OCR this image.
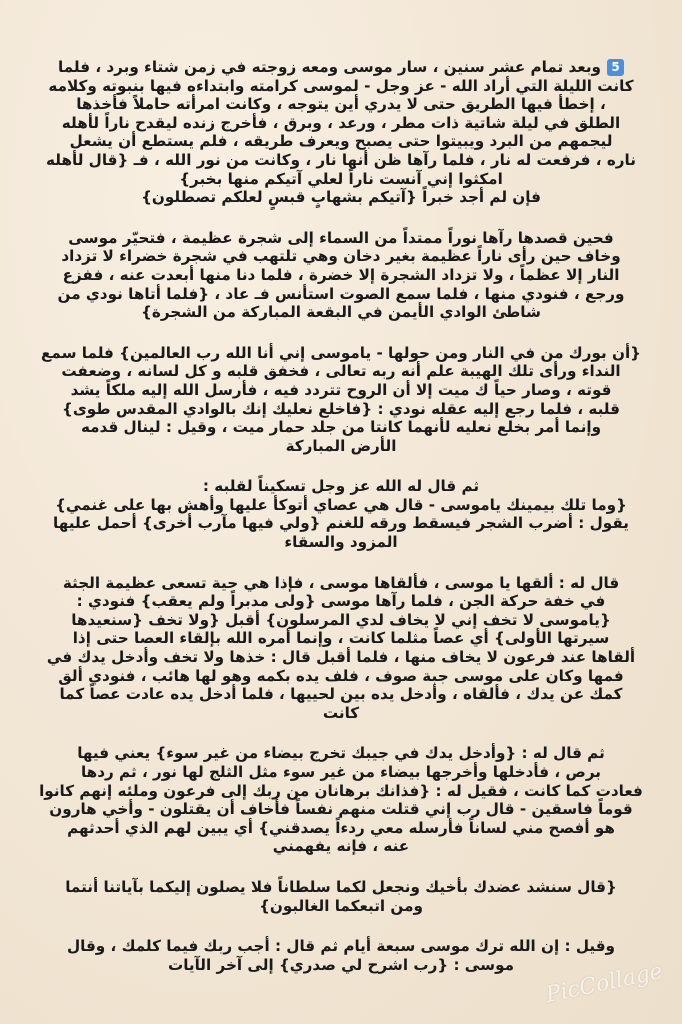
5وبعد تمام عشر سنين ، سار موسى ومعه زوجته في زمن شتاء وبرد ، فلما
كانت الليلة التي أراد الله - عز وجل - لموسى كرامته وابتداءه فيها بنبوته وكلامه
، إخطأ فيها الطريق حتى لا يدري أين يتوجه ، وكانت امرأته حاملاً فأخذها
الطلق في ليلة شاتية ذات مطر ، ورعد ، وبرق ، فأخرج زنده ليقدح ناراً لأهله
ليجمهم من البرد ويبيتوا حتى يصبح ويعرف طريقه ، فلم يستطع أن يشعل
ناره ، فرفعت له نار ، فلما رآها ظن أنها نار ، وكانت من نور الله ، فـ {قال لأهله
امكثوا إني آنست ناراً لعلي آتيكم منها بخبر}
فإن لم أجد خبراً {آتيكم بشهابٍ قبسٍ لعلكم تصطلون}
فحين قصدها رآها نوراً ممتداً من السماء إلى شجرة عظيمة ، فتحيّر موسى
وخاف حين رأى ناراً عظيمة بغير دخان وهي تلتهب في شجرة خضراء لا تزداد
النار إلا عظماً ، ولا تزداد الشجرة إلا خضرة ، فلما دنا منها أبعدت عنه ، ففزع
ورجع ، فنودي منها ، فلما سمع الصوت استأنس فـ عاد ، {فلما أتاها نودي من
شاطئ الوادي الأيمن في البقعة المباركة من الشجرة}
{أن بورك من في النار ومن حولها - ياموسى إني أنا الله رب العالمين} فلما سمع
النداء ورأى تلك الهيبة علم أنه ربه تعالى ، فخفق قلبه و كل لسانه ، وضعفت
قوته ، وصار حياً ك ميت إلا أن الروح تتردد فيه ، فأرسل الله إليه ملكاً يشد
قلبه ، فلما رجع إليه عقله نودي : {فاخلع نعليك إنك بالوادي المقدس طوى}
وإنما أمر بخلع نعليه لأنهما كانتا من جلد حمار ميت ، وقيل : لينال قدمه
الأرض المباركة
ثم قال له الله عز وجل تسكيناً لقلبه :
{وما تلك بيمينك ياموسى - قال هي عصاي أتوكأ عليها وأهش بها على غنمي}
يقول : أضرب الشجر فيسقط ورقه للغنم {ولي فيها مآرب أخرى} أحمل عليها
المزود والسقاء
قال له : ألقها يا موسى ، فألقاها موسى ، فإذا هي حية تسعى عظيمة الجثة
في خفة حركة الجن ، فلما رآها موسى {ولى مدبراً ولم يعقب} فنودي :
{ياموسى لا تخف إني لا يخاف لدي المرسلون} أقبل {ولا تخف {سنعيدها
سيرتها الأولى} أي عصاً مثلما كانت ، وإنما أمره الله بإلقاء العصا حتى إذا
ألقاها عند فرعون لا يخاف منها ، فلما أقبل قال : خذها ولا تخف وأدخل يدك في
فمها وكان على موسى جبة صوف ، فلف يده بكمه وهو لها هائب ، فنودي ألق
كمك عن يدك ، فألقاه ، وأدخل يده بين لحييها ، فلما أدخل يده عادت عصاً كما
كانت
ثم قال له : {وأدخل يدك في جيبك تخرج بيضاء من غير سوء} يعني فيها
برص ، فأدخلها وأخرجها بيضاء من غير سوء مثل الثلج لها نور ، ثم ردها
فعادت كما كانت ، فقيل له : {فذانك برهانان من ربك إلى فرعون وملئه إنهم كانوا
قوماً فاسقين - قال رب إني قتلت منهم نفساً فأخاف أن يقتلون - وأخي هارون
هو أفصح مني لساناً فأرسله معي ردءاً يصدقني} أي يبين لهم الذي أحدثهم
عنه ، فإنه يفهمني
{قال سنشد عضدك بأخيك ونجعل لكما سلطاناً فلا يصلون إليكما بآياتنا أنتما
ومن اتبعكما الغالبون}
وقيل : إن الله ترك موسى سبعة أيام ثم قال : أجب ربك فيما كلمك ، وقال
موسى : {رب اشرح لي صدري} إلى آخر الآيات	PicCollage
